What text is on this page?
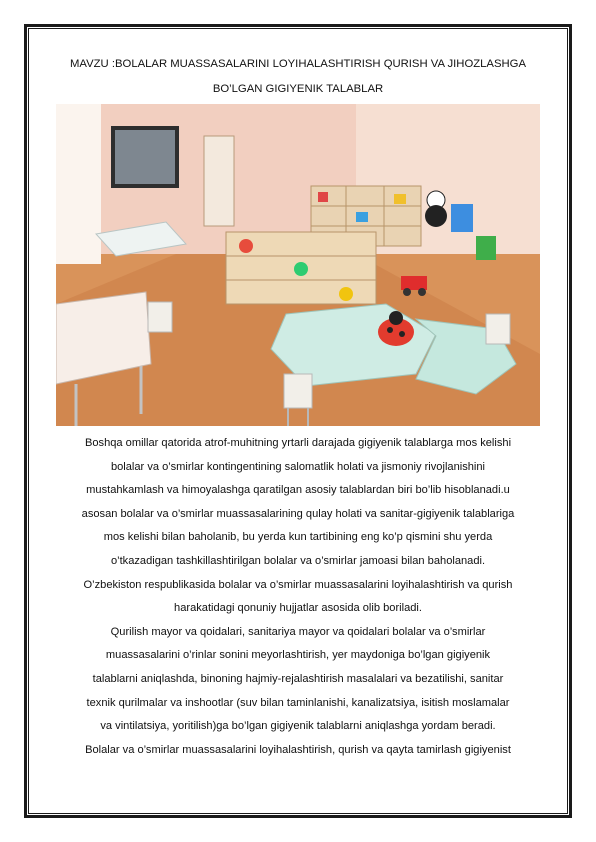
MAVZU :BOLALAR MUASSASALARINI LOYIHALASHTIRISH QURISH VA JIHOZLASHGA
BO’LGAN GIGIYENIK TALABLAR
Boshqa omillar qatorida atrof-muhitning yrtarli darajada gigiyenik talablarga mos kelishi
bolalar va o’smirlar kontingentining salomatlik holati va jismoniy rivojlanishini
mustahkamlash va himoyalashga qaratilgan asosiy talablardan biri bo’lib hisoblanadi.u
asosan bolalar va o’smirlar muassasalarining qulay holati va sanitar-gigiyenik talablariga
mos kelishi bilan baholanib, bu yerda kun tartibining eng ko’p qismini shu yerda
o’tkazadigan tashkillashtirilgan bolalar va o’smirlar jamoasi bilan baholanadi.
O’zbekiston respublikasida bolalar va o’smirlar muassasalarini loyihalashtirish va qurish
harakatidagi qonuniy hujjatlar asosida olib boriladi.
Qurilish mayor va qoidalari, sanitariya mayor va qoidalari bolalar va o’smirlar
muassasalarini o’rinlar sonini meyorlashtirish, yer maydoniga bo’lgan gigiyenik
talablarni aniqlashda, binoning hajmiy-rejalashtirish masalalari va bezatilishi, sanitar
texnik qurilmalar va inshootlar (suv bilan taminlanishi, kanalizatsiya, isitish moslamalar
va vintilatsiya, yoritilish)ga bo’lgan gigiyenik talablarni aniqlashga yordam beradi.
Bolalar va o’smirlar muassasalarini loyihalashtirish, qurish va qayta tamirlash gigiyenist
